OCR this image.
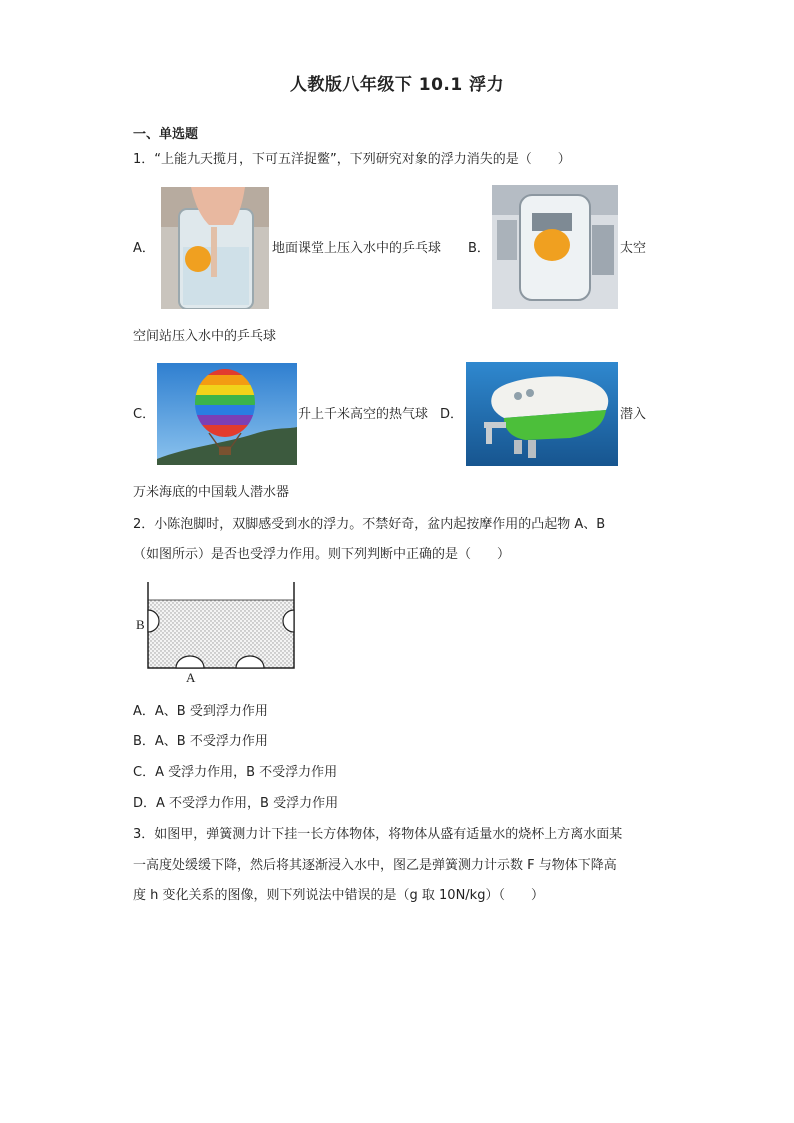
人教版八年级下 10.1 浮力
一、单选题
1．“上能九天揽月，下可五洋捉鳖”，下列研究对象的浮力消失的是（　　）
A．	地面课堂上压入水中的乒乓球 B．	太空
空间站压入水中的乒乓球
C．	升上千米高空的热气球 D．	潜入
万米海底的中国载人潜水器
2．小陈泡脚时，双脚感受到水的浮力。不禁好奇，盆内起按摩作用的凸起物 A、B
（如图所示）是否也受浮力作用。则下列判断中正确的是（　　）
B
A
A．A、B 受到浮力作用
B．A、B 不受浮力作用
C．A 受浮力作用，B 不受浮力作用
D．A 不受浮力作用，B 受浮力作用
3．如图甲，弹簧测力计下挂一长方体物体，将物体从盛有适量水的烧杯上方离水面某
一高度处缓缓下降，然后将其逐渐浸入水中，图乙是弹簧测力计示数 F 与物体下降高
度 h 变化关系的图像，则下列说法中错误的是（g 取 10N/kg）（　　）
